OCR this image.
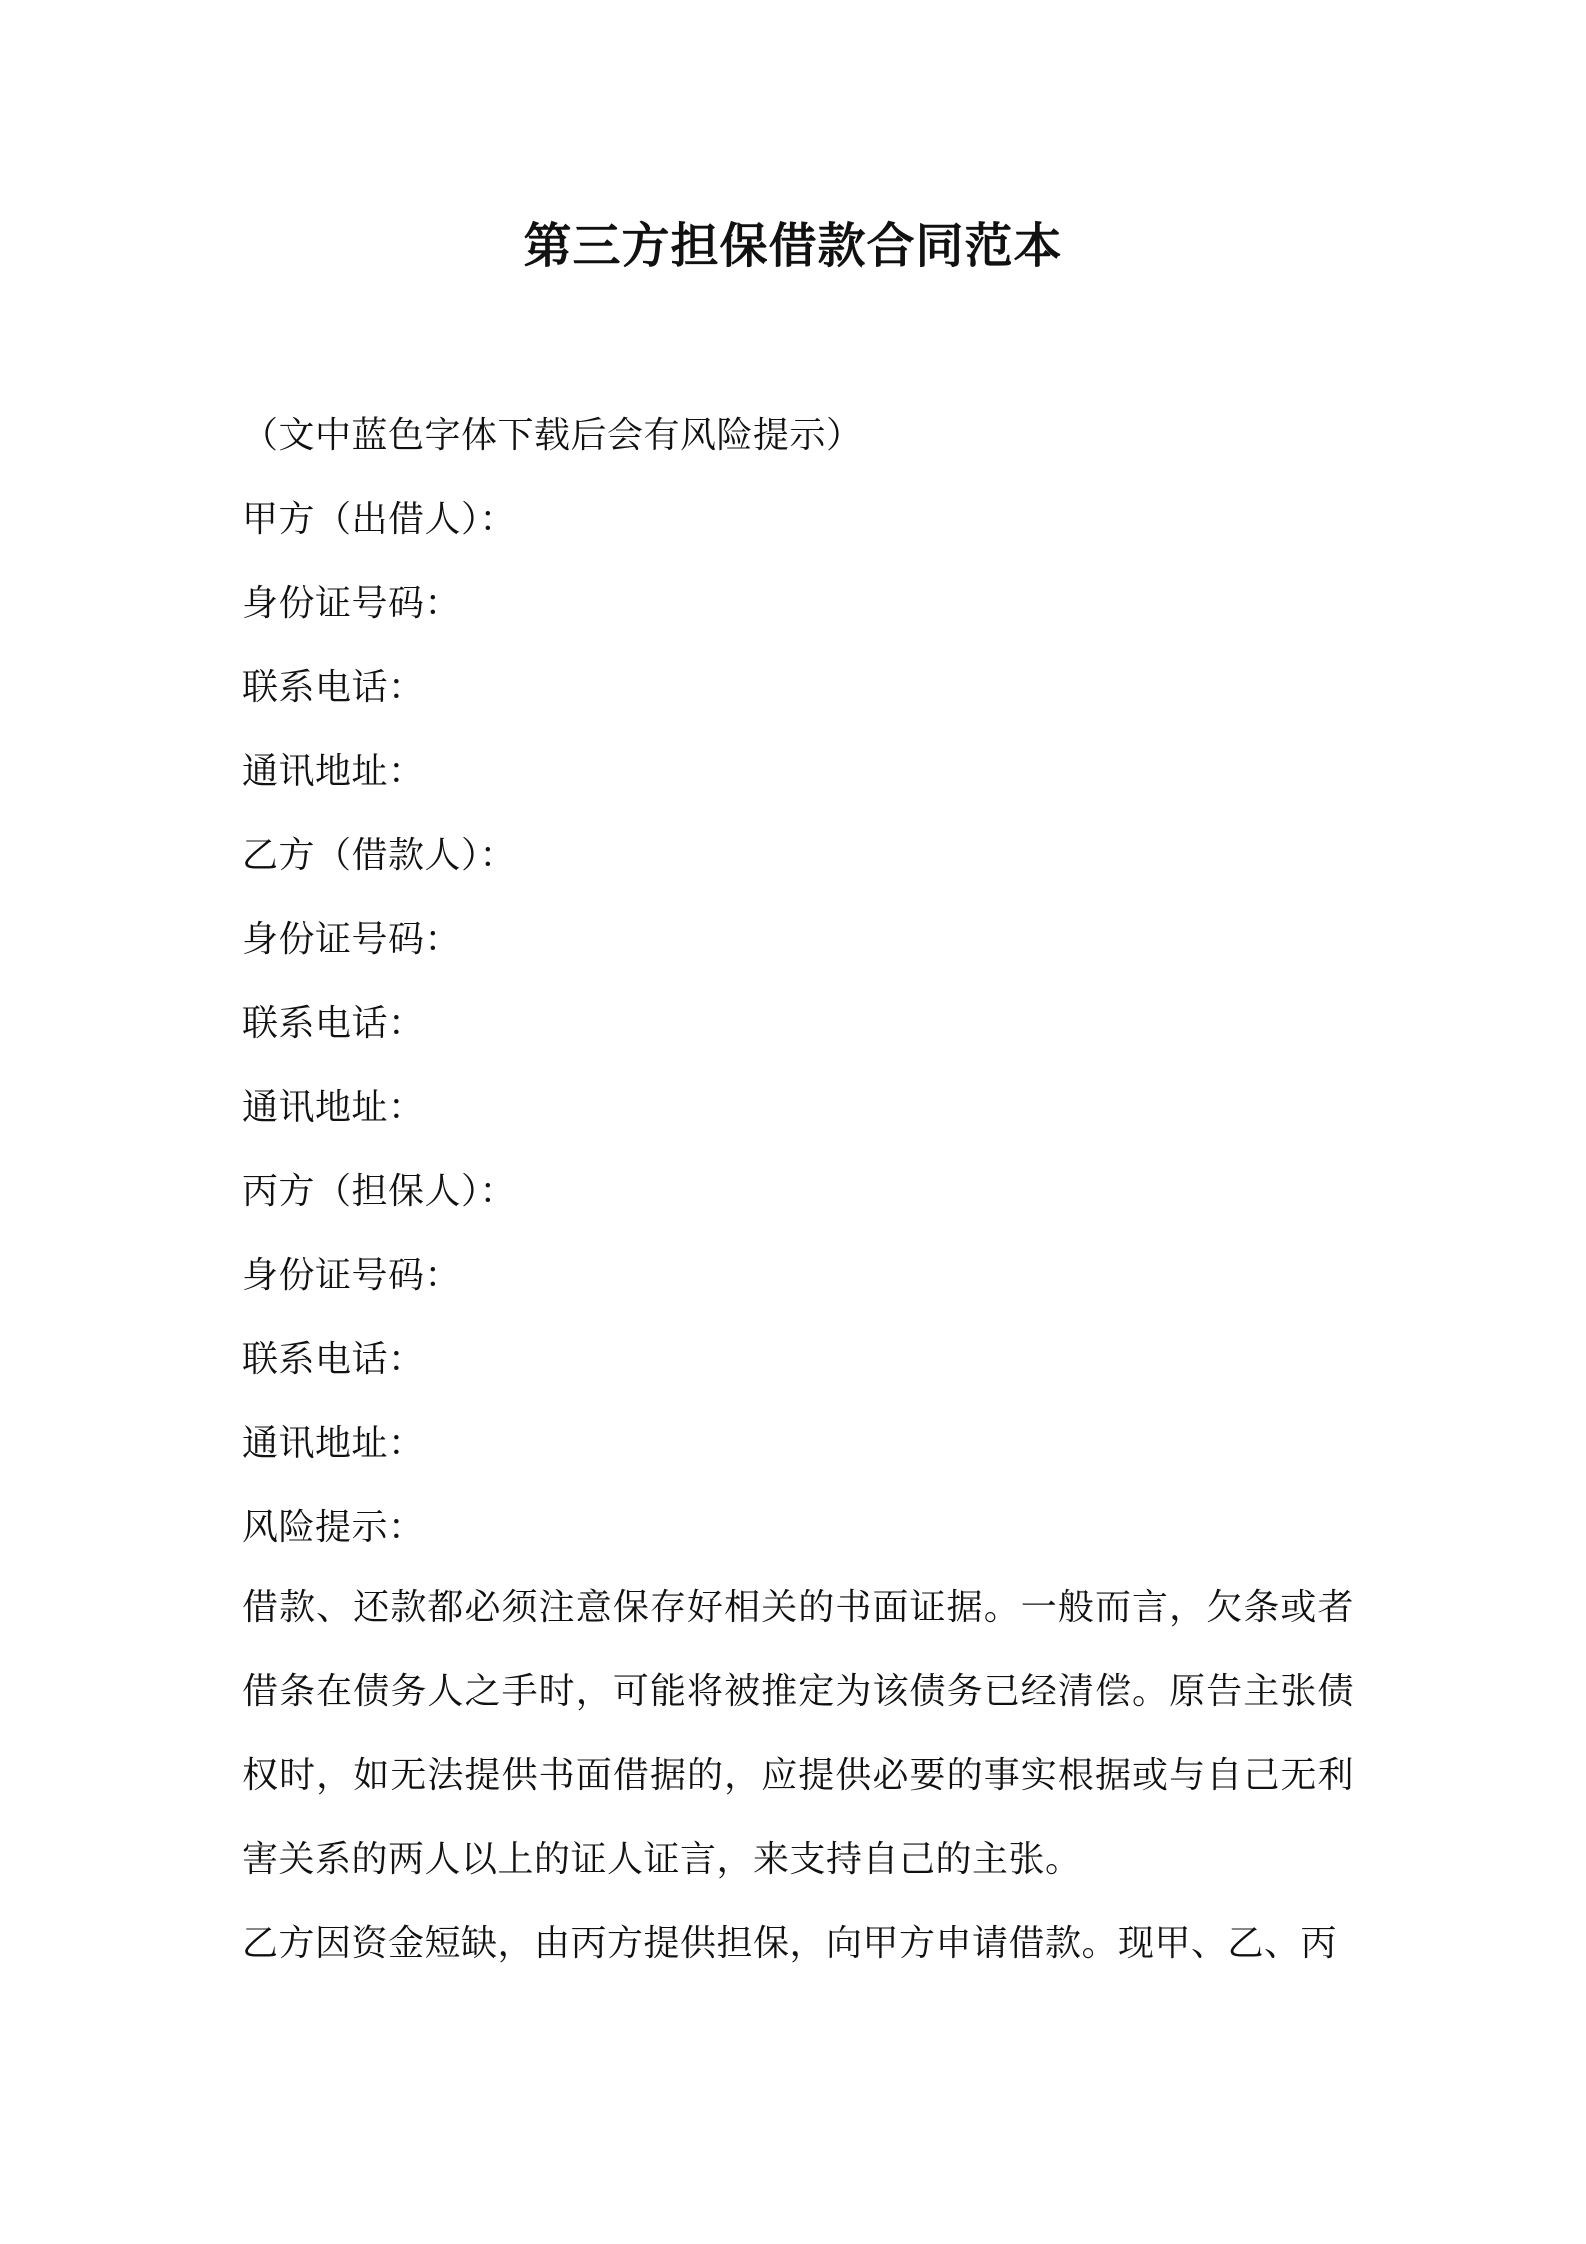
第三方担保借款合同范本
（文中蓝色字体下载后会有风险提示）
甲方（出借人）：
身份证号码：
联系电话：
通讯地址：
乙方（借款人）：
身份证号码：
联系电话：
通讯地址：
丙方（担保人）：
身份证号码：
联系电话：
通讯地址：
风险提示：
借款、还款都必须注意保存好相关的书面证据。一般而言，欠条或者借条在债务人之手时，可能将被推定为该债务已经清偿。原告主张债权时，如无法提供书面借据的，应提供必要的事实根据或与自己无利害关系的两人以上的证人证言，来支持自己的主张。
乙方因资金短缺，由丙方提供担保，向甲方申请借款。现甲、乙、丙
